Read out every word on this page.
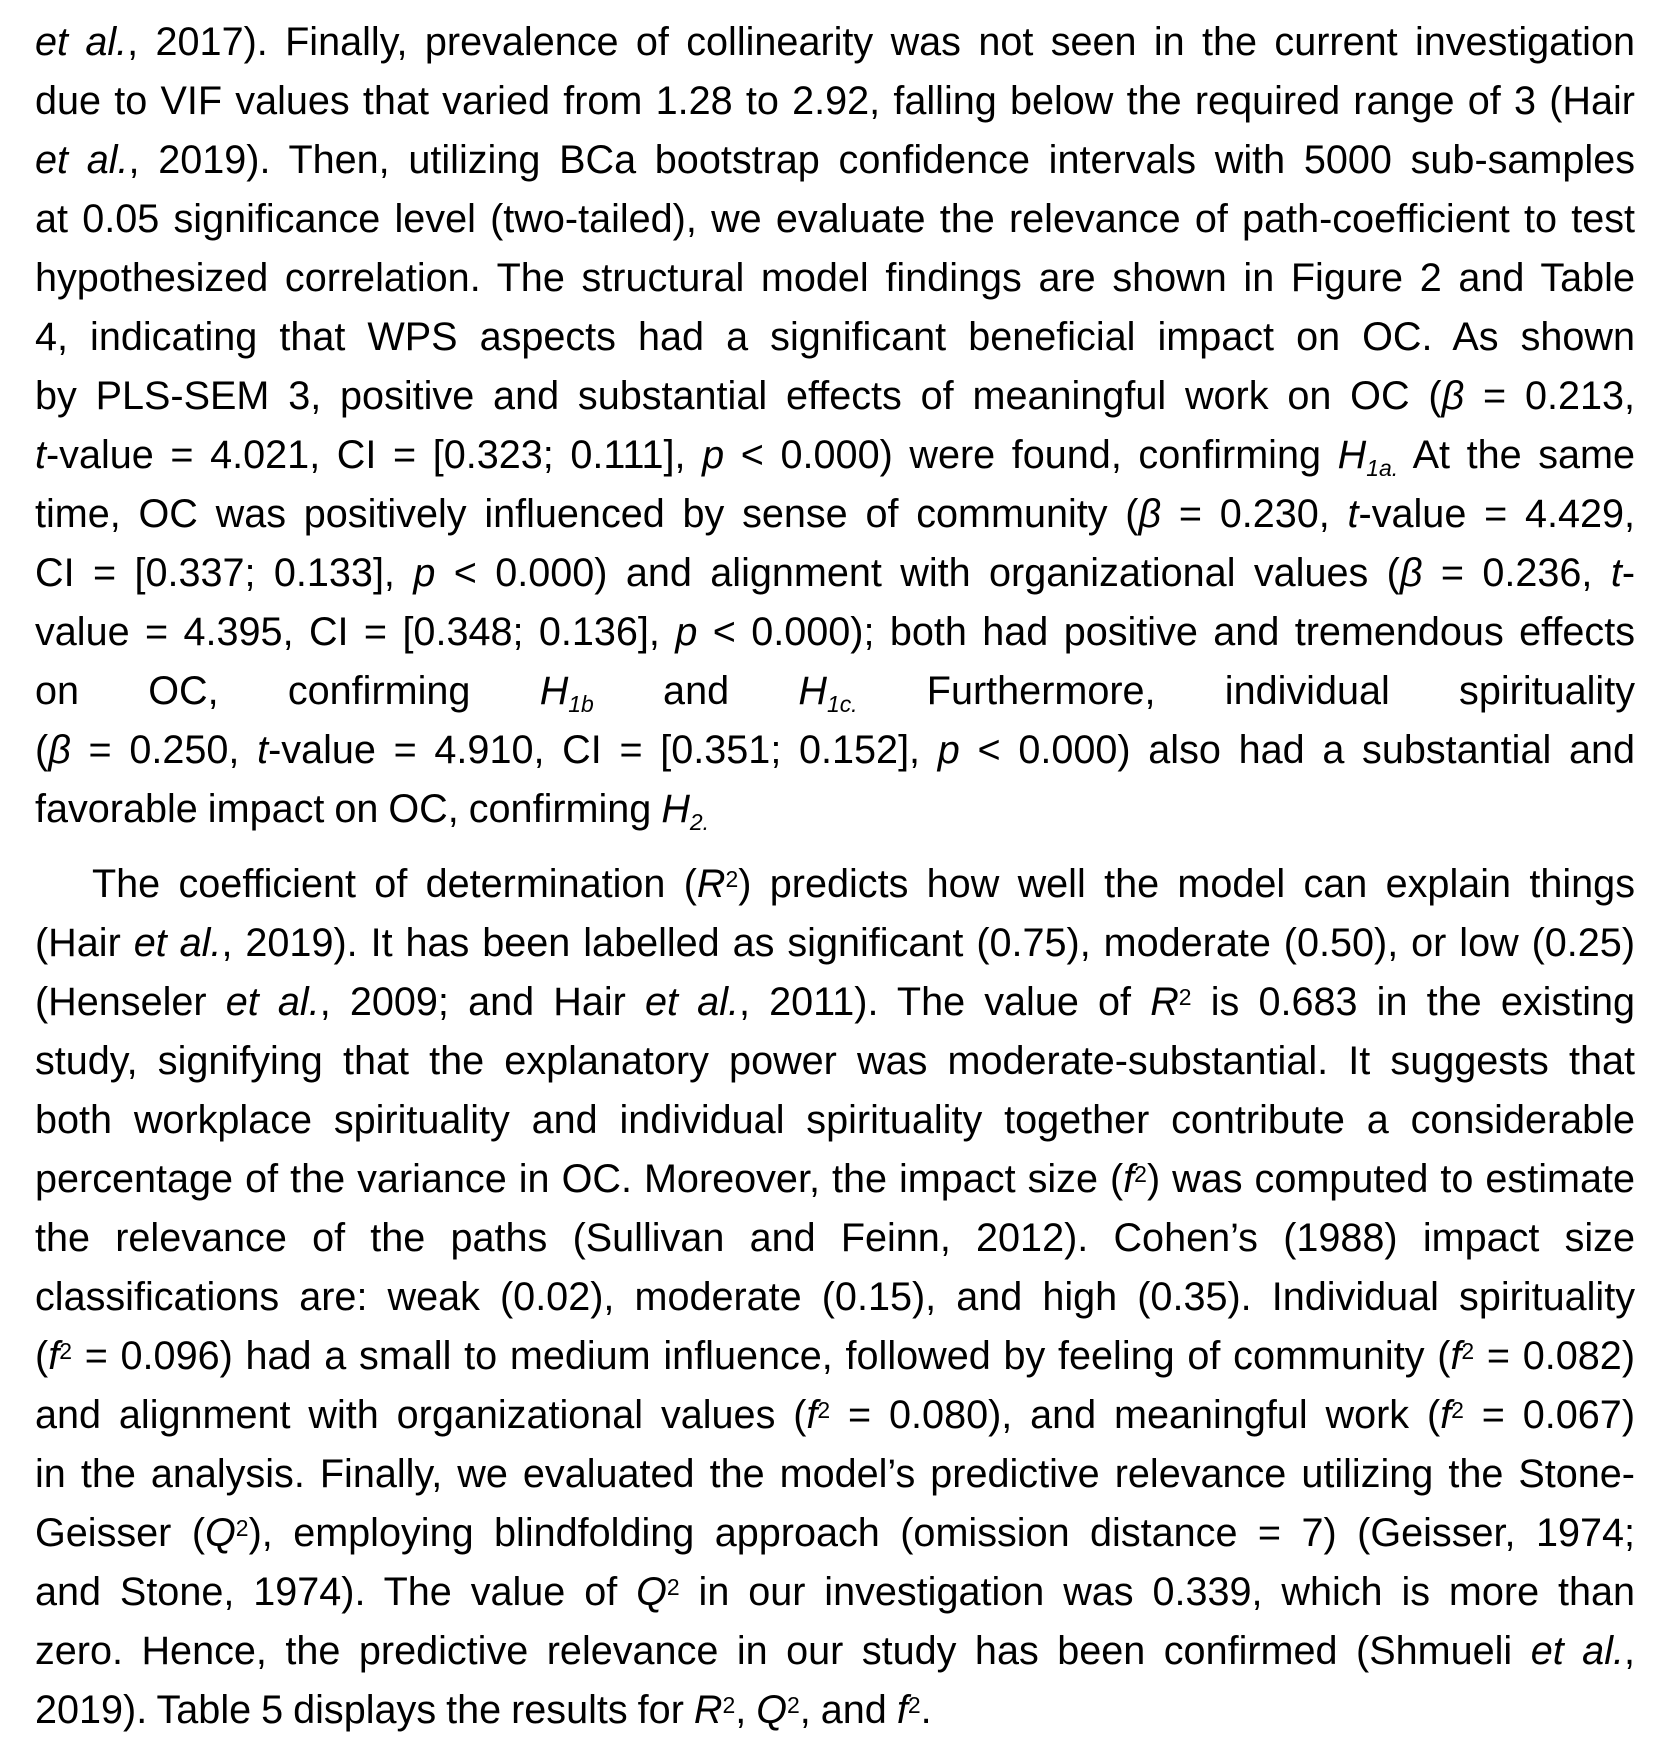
et al., 2017). Finally, prevalence of collinearity was not seen in the current investigation
due to VIF values that varied from 1.28 to 2.92, falling below the required range of 3 (Hair
et al., 2019). Then, utilizing BCa bootstrap confidence intervals with 5000 sub-samples
at 0.05 significance level (two-tailed), we evaluate the relevance of path-coefficient to test
hypothesized correlation. The structural model findings are shown in Figure 2 and Table
4, indicating that WPS aspects had a significant beneficial impact on OC. As shown
by PLS-SEM 3, positive and substantial effects of meaningful work on OC (β = 0.213,
t-value = 4.021, CI = [0.323; 0.111], p < 0.000) were found, confirming H1a. At the same
time, OC was positively influenced by sense of community (β = 0.230, t-value = 4.429,
CI = [0.337; 0.133], p < 0.000) and alignment with organizational values (β = 0.236, t-
value = 4.395, CI = [0.348; 0.136], p < 0.000); both had positive and tremendous effects
on OC, confirming H1b and H1c. Furthermore, individual spirituality
(β = 0.250, t-value = 4.910, CI = [0.351; 0.152], p < 0.000) also had a substantial and
favorable impact on OC, confirming H2.
The coefficient of determination $(R^2)$ predicts how well the model can explain things
(Hair et al., 2019). It has been labelled as significant (0.75), moderate (0.50), or low (0.25)
(Henseler et al., 2009; and Hair et al., 2011). The value of $R^2$ is 0.683 in the existing
study, signifying that the explanatory power was moderate-substantial. It suggests that
both workplace spirituality and individual spirituality together contribute a considerable
percentage of the variance in OC. Moreover, the impact size $(f^2)$ was computed to estimate
the relevance of the paths (Sullivan and Feinn, 2012). Cohen’s (1988) impact size
classifications are: weak (0.02), moderate (0.15), and high (0.35). Individual spirituality
$(f^2 = 0.096)$ had a small to medium influence, followed by feeling of community $(f^2 = 0.082)$
and alignment with organizational values $(f^2 = 0.080)$, and meaningful work $(f^2 = 0.067)$
in the analysis. Finally, we evaluated the model’s predictive relevance utilizing the Stone-
Geisser $(Q^2)$, employing blindfolding approach (omission distance = 7) (Geisser, 1974;
and Stone, 1974). The value of $Q^2$ in our investigation was 0.339, which is more than
zero. Hence, the predictive relevance in our study has been confirmed (Shmueli et al.,
2019). Table 5 displays the results for $R^2$, $Q^2$, and $f^2$.
